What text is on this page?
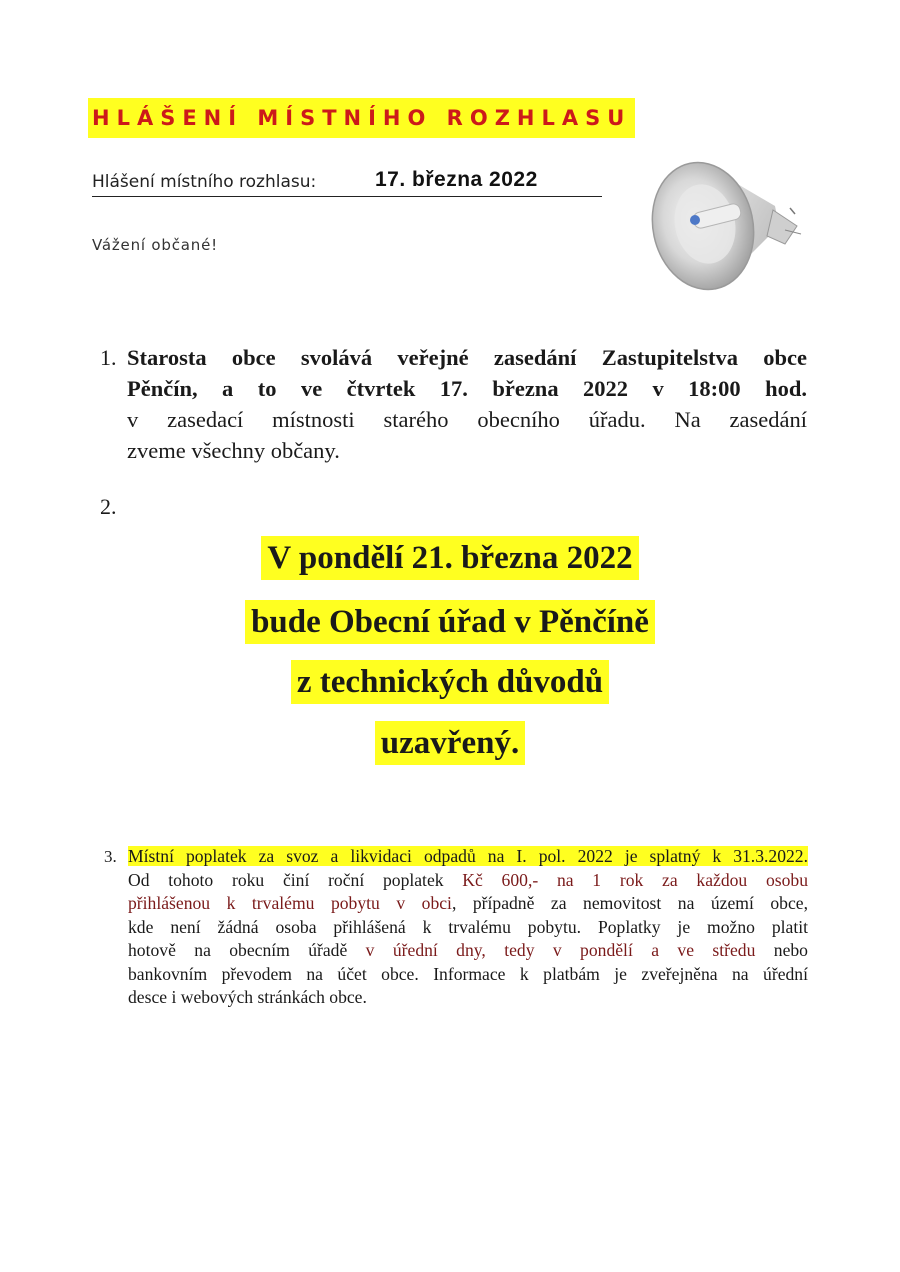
HLÁŠENÍ MÍSTNÍHO ROZHLASU
Hlášení místního rozhlasu:	17. března 2022
Vážení občané!
1. Starosta obce svolává veřejné zasedání Zastupitelstva obce
Pěnčín, a to ve čtvrtek 17. března 2022 v 18:00 hod.
v zasedací místnosti starého obecního úřadu. Na zasedání
zveme všechny občany.
2.
V pondělí 21. března 2022
bude Obecní úřad v Pěnčíně
z technických důvodů
uzavřený.
3. Místní poplatek za svoz a likvidaci odpadů na I. pol. 2022 je splatný k 31.3.2022.
Od tohoto roku činí roční poplatek Kč 600,- na 1 rok za každou osobu
přihlášenou k trvalému pobytu v obci, případně za nemovitost na území obce,
kde není žádná osoba přihlášená k trvalému pobytu. Poplatky je možno platit
hotově na obecním úřadě v úřední dny, tedy v pondělí a ve středu nebo
bankovním převodem na účet obce. Informace k platbám je zveřejněna na úřední
desce i webových stránkách obce.
